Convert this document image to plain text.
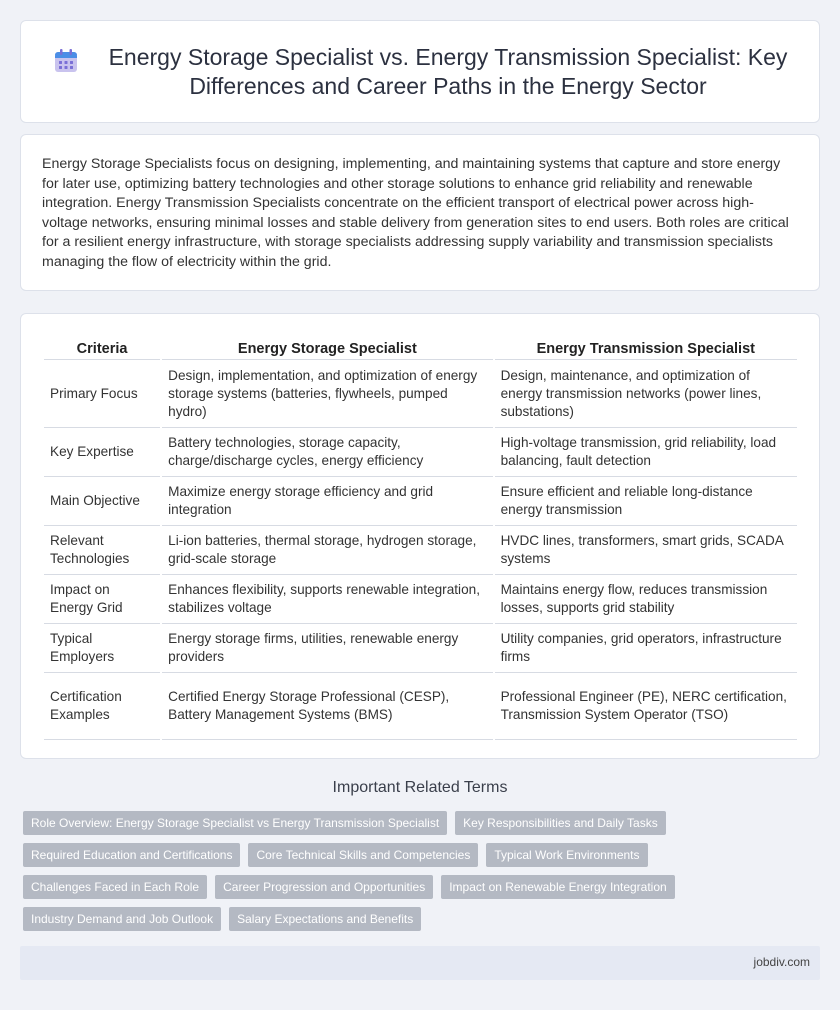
Energy Storage Specialist vs. Energy Transmission Specialist: Key Differences and Career Paths in the Energy Sector

Energy Storage Specialists focus on designing, implementing, and maintaining systems that capture and store energy for later use, optimizing battery technologies and other storage solutions to enhance grid reliability and renewable integration. Energy Transmission Specialists concentrate on the efficient transport of electrical power across high-voltage networks, ensuring minimal losses and stable delivery from generation sites to end users. Both roles are critical for a resilient energy infrastructure, with storage specialists addressing supply variability and transmission specialists managing the flow of electricity within the grid.

Criteria	Energy Storage Specialist	Energy Transmission Specialist
Primary Focus	Design, implementation, and optimization of energy storage systems (batteries, flywheels, pumped hydro)	Design, maintenance, and optimization of energy transmission networks (power lines, substations)
Key Expertise	Battery technologies, storage capacity, charge/discharge cycles, energy efficiency	High-voltage transmission, grid reliability, load balancing, fault detection
Main Objective	Maximize energy storage efficiency and grid integration	Ensure efficient and reliable long-distance energy transmission
Relevant Technologies	Li-ion batteries, thermal storage, hydrogen storage, grid-scale storage	HVDC lines, transformers, smart grids, SCADA systems
Impact on Energy Grid	Enhances flexibility, supports renewable integration, stabilizes voltage	Maintains energy flow, reduces transmission losses, supports grid stability
Typical Employers	Energy storage firms, utilities, renewable energy providers	Utility companies, grid operators, infrastructure firms
Certification Examples	Certified Energy Storage Professional (CESP), Battery Management Systems (BMS)	Professional Engineer (PE), NERC certification, Transmission System Operator (TSO)
Important Related Terms
Role Overview: Energy Storage Specialist vs Energy Transmission Specialist	Key Responsibilities and Daily Tasks
Required Education and Certifications	Core Technical Skills and Competencies	Typical Work Environments
Challenges Faced in Each Role	Career Progression and Opportunities	Impact on Renewable Energy Integration
Industry Demand and Job Outlook	Salary Expectations and Benefits
jobdiv.com
